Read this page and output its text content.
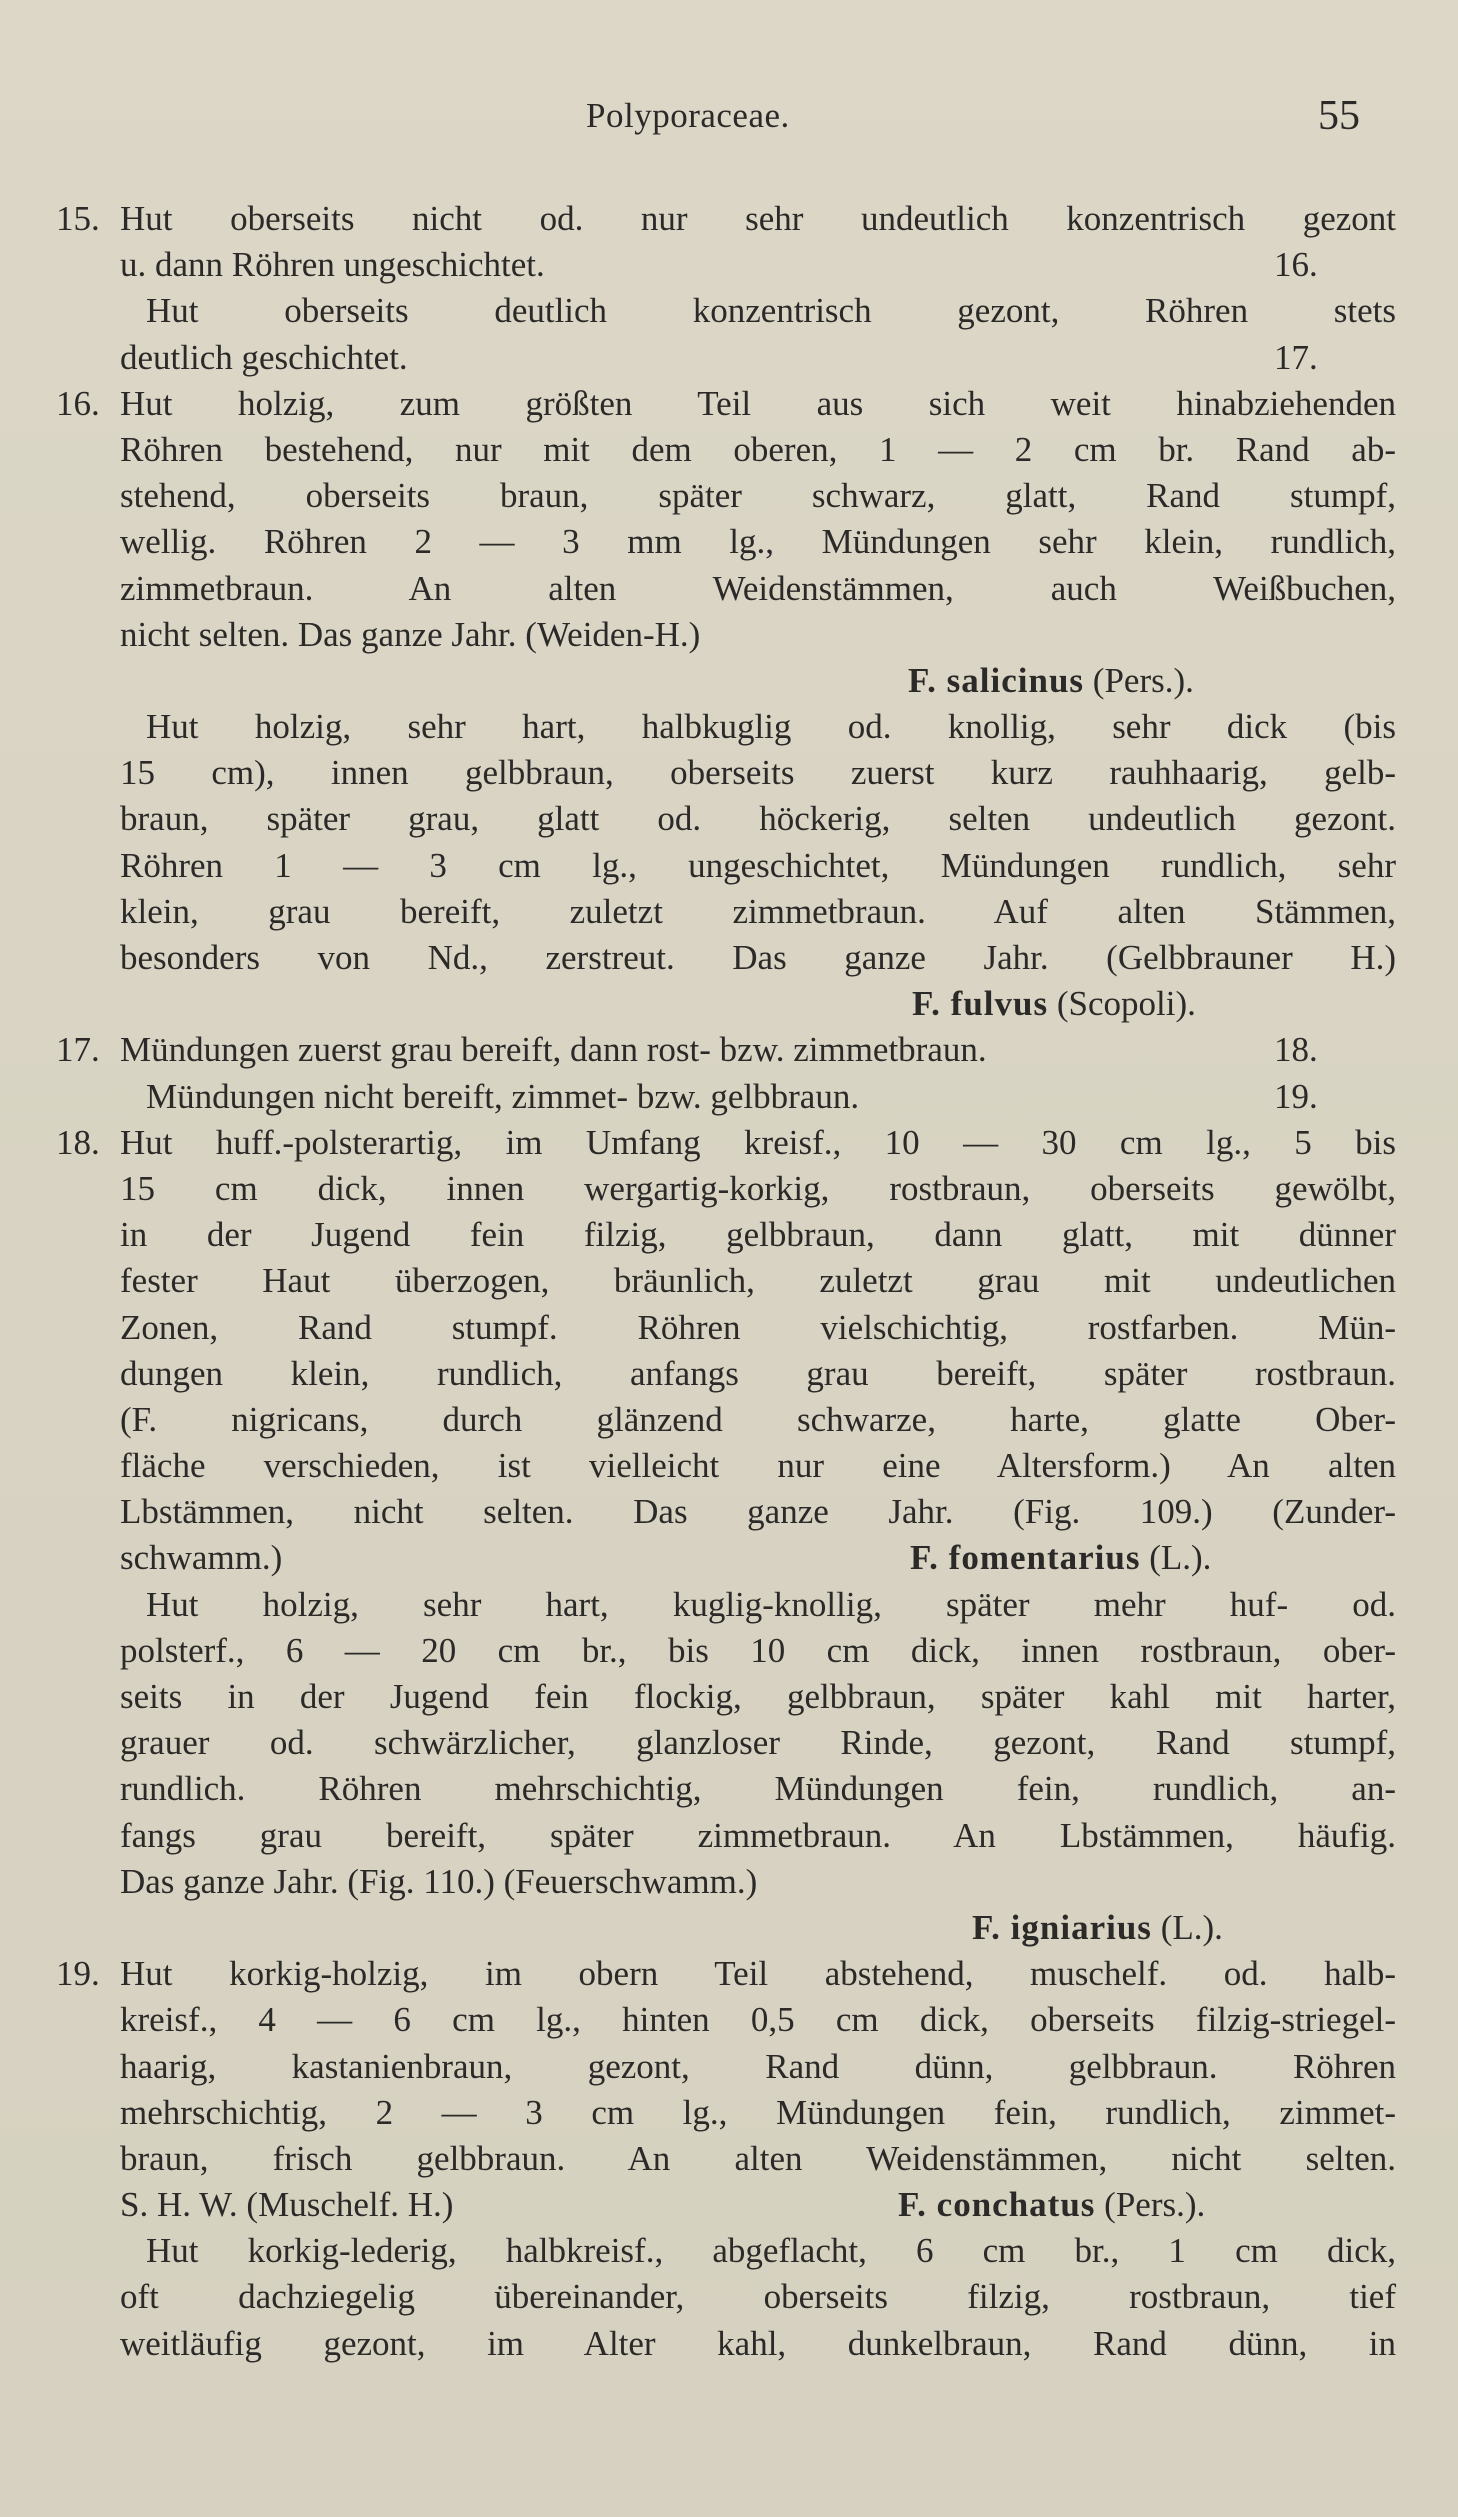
Polyporaceae.	55
15. Hut oberseits nicht od. nur sehr undeutlich konzentrisch gezont
u. dann Röhren ungeschichtet.	16.
Hut oberseits deutlich konzentrisch gezont, Röhren stets
deutlich geschichtet.	17.
16. Hut holzig, zum größten Teil aus sich weit hinabziehenden
Röhren bestehend, nur mit dem oberen, 1 — 2 cm br. Rand ab-
stehend, oberseits braun, später schwarz, glatt, Rand stumpf,
wellig. Röhren 2 — 3 mm lg., Mündungen sehr klein, rundlich,
zimmetbraun. An alten Weidenstämmen, auch Weißbuchen,
nicht selten. Das ganze Jahr. (Weiden-H.)
F. salicinus (Pers.).
Hut holzig, sehr hart, halbkuglig od. knollig, sehr dick (bis
15 cm), innen gelbbraun, oberseits zuerst kurz rauhhaarig, gelb-
braun, später grau, glatt od. höckerig, selten undeutlich gezont.
Röhren 1 — 3 cm lg., ungeschichtet, Mündungen rundlich, sehr
klein, grau bereift, zuletzt zimmetbraun. Auf alten Stämmen,
besonders von Nd., zerstreut. Das ganze Jahr. (Gelbbrauner H.)
F. fulvus (Scopoli).
17. Mündungen zuerst grau bereift, dann rost- bzw. zimmetbraun.	18.
Mündungen nicht bereift, zimmet- bzw. gelbbraun.	19.
18. Hut huff.-polsterartig, im Umfang kreisf., 10 — 30 cm lg., 5 bis
15 cm dick, innen wergartig-korkig, rostbraun, oberseits gewölbt,
in der Jugend fein filzig, gelbbraun, dann glatt, mit dünner
fester Haut überzogen, bräunlich, zuletzt grau mit undeutlichen
Zonen, Rand stumpf. Röhren vielschichtig, rostfarben. Mün-
dungen klein, rundlich, anfangs grau bereift, später rostbraun.
(F. nigricans, durch glänzend schwarze, harte, glatte Ober-
fläche verschieden, ist vielleicht nur eine Altersform.) An alten
Lbstämmen, nicht selten. Das ganze Jahr. (Fig. 109.) (Zunder-
schwamm.)	F. fomentarius (L.).
Hut holzig, sehr hart, kuglig-knollig, später mehr huf- od.
polsterf., 6 — 20 cm br., bis 10 cm dick, innen rostbraun, ober-
seits in der Jugend fein flockig, gelbbraun, später kahl mit harter,
grauer od. schwärzlicher, glanzloser Rinde, gezont, Rand stumpf,
rundlich. Röhren mehrschichtig, Mündungen fein, rundlich, an-
fangs grau bereift, später zimmetbraun. An Lbstämmen, häufig.
Das ganze Jahr. (Fig. 110.) (Feuerschwamm.)
F. igniarius (L.).
19. Hut korkig-holzig, im obern Teil abstehend, muschelf. od. halb-
kreisf., 4 — 6 cm lg., hinten 0,5 cm dick, oberseits filzig-striegel-
haarig, kastanienbraun, gezont, Rand dünn, gelbbraun. Röhren
mehrschichtig, 2 — 3 cm lg., Mündungen fein, rundlich, zimmet-
braun, frisch gelbbraun. An alten Weidenstämmen, nicht selten.
S. H. W. (Muschelf. H.)	F. conchatus (Pers.).
Hut korkig-lederig, halbkreisf., abgeflacht, 6 cm br., 1 cm dick,
oft dachziegelig übereinander, oberseits filzig, rostbraun, tief
weitläufig gezont, im Alter kahl, dunkelbraun, Rand dünn, in
